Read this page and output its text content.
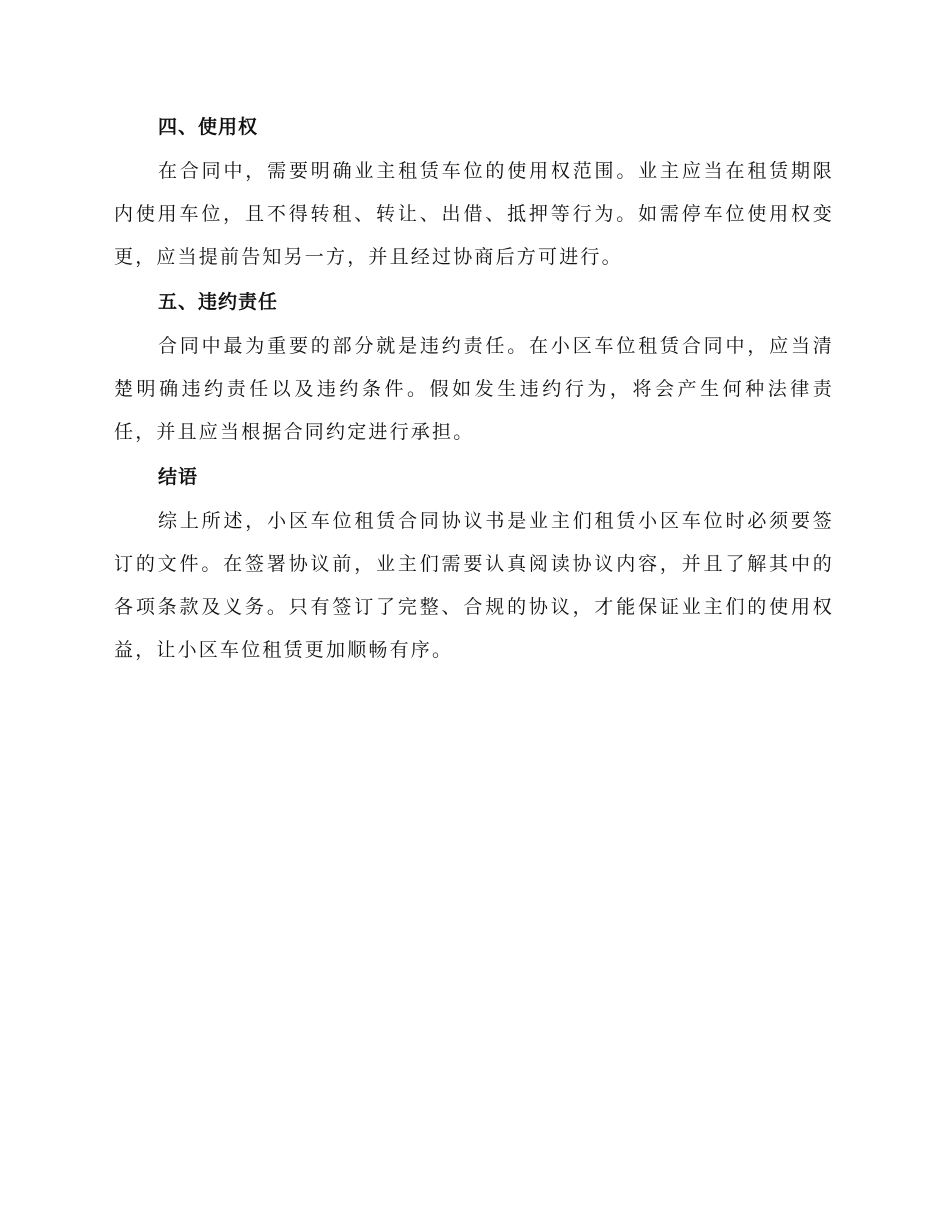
四、使用权
在合同中，需要明确业主租赁车位的使用权范围。业主应当在租赁期限内使用车位，且不得转租、转让、出借、抵押等行为。如需停车位使用权变更，应当提前告知另一方，并且经过协商后方可进行。
五、违约责任
合同中最为重要的部分就是违约责任。在小区车位租赁合同中，应当清楚明确违约责任以及违约条件。假如发生违约行为，将会产生何种法律责任，并且应当根据合同约定进行承担。
结语
综上所述，小区车位租赁合同协议书是业主们租赁小区车位时必须要签订的文件。在签署协议前，业主们需要认真阅读协议内容，并且了解其中的各项条款及义务。只有签订了完整、合规的协议，才能保证业主们的使用权益，让小区车位租赁更加顺畅有序。
